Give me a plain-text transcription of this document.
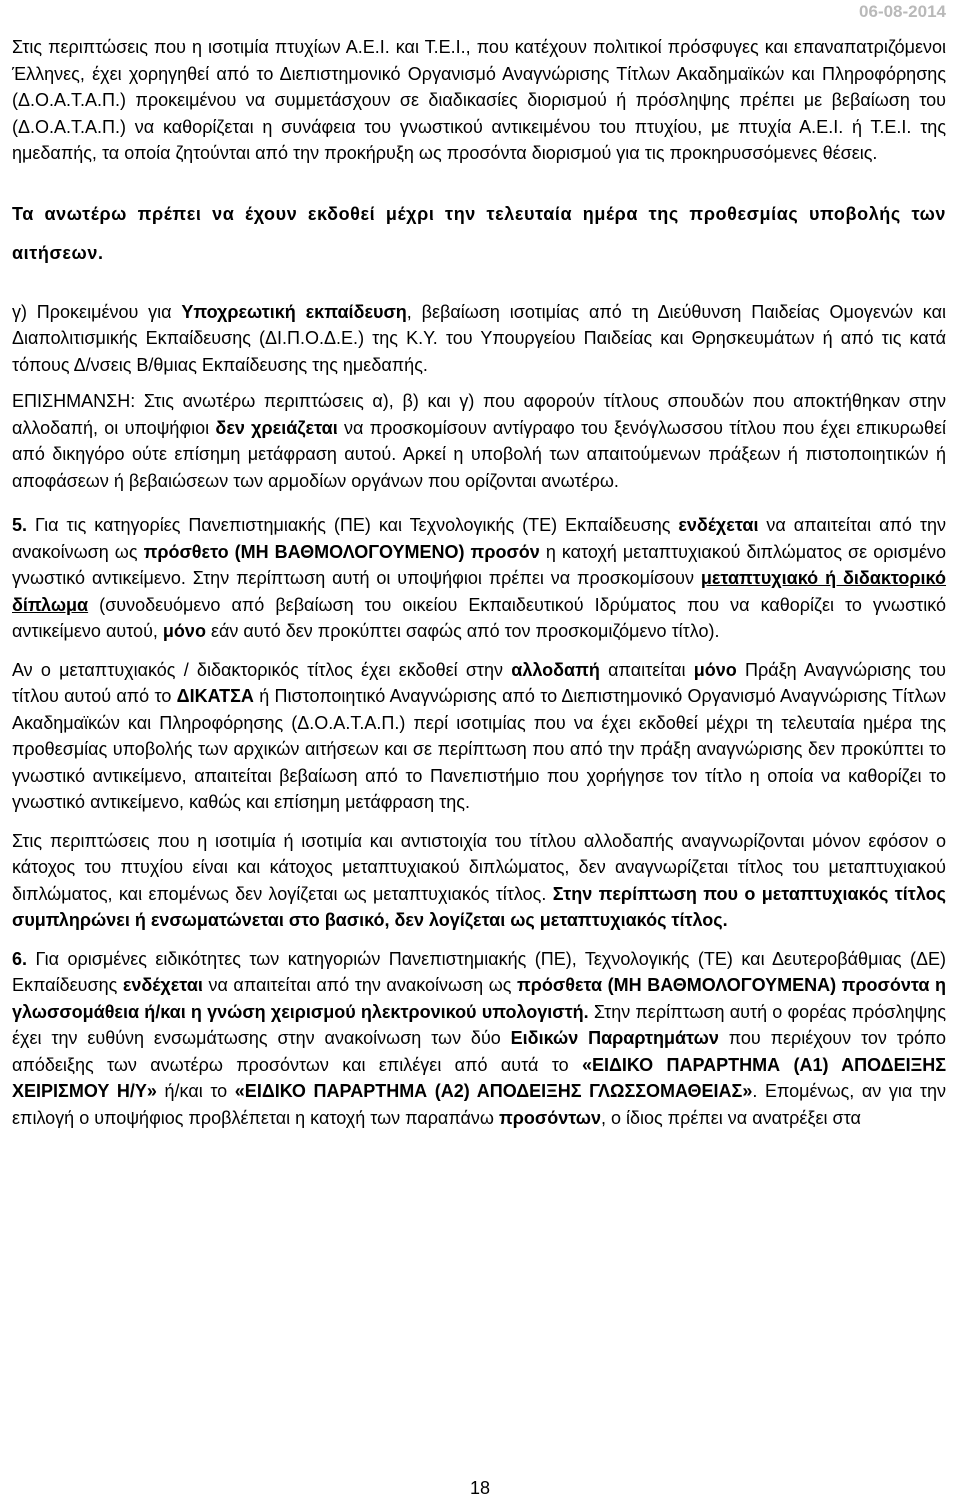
06-08-2014

Στις περιπτώσεις που η ισοτιμία πτυχίων Α.Ε.Ι. και Τ.Ε.Ι., που κατέχουν πολιτικοί πρόσφυγες και επαναπατριζόμενοι Έλληνες, έχει χορηγηθεί από το Διεπιστημονικό Οργανισμό Αναγνώρισης Τίτλων Ακαδημαϊκών και Πληροφόρησης (Δ.Ο.Α.Τ.Α.Π.) προκειμένου να συμμετάσχουν σε διαδικασίες διορισμού ή πρόσληψης πρέπει με βεβαίωση του (Δ.Ο.Α.Τ.Α.Π.) να καθορίζεται η συνάφεια του γνωστικού αντικειμένου του πτυχίου, με πτυχία Α.Ε.Ι. ή Τ.Ε.Ι. της ημεδαπής, τα οποία ζητούνται από την προκήρυξη ως προσόντα διορισμού για τις προκηρυσσόμενες θέσεις.

Τα ανωτέρω πρέπει να έχουν εκδοθεί μέχρι την τελευταία ημέρα της προθεσμίας υποβολής των αιτήσεων.

γ) Προκειμένου για Υποχρεωτική εκπαίδευση, βεβαίωση ισοτιμίας από τη Διεύθυνση Παιδείας Ομογενών και Διαπολιτισμικής Εκπαίδευσης (ΔΙ.Π.Ο.Δ.Ε.) της Κ.Υ. του Υπουργείου Παιδείας και Θρησκευμάτων ή από τις κατά τόπους Δ/νσεις Β/θμιας Εκπαίδευσης της ημεδαπής.

ΕΠΙΣΗΜΑΝΣΗ: Στις ανωτέρω περιπτώσεις α), β) και γ) που αφορούν τίτλους σπουδών που αποκτήθηκαν στην αλλοδαπή, οι υποψήφιοι δεν χρειάζεται να προσκομίσουν αντίγραφο του ξενόγλωσσου τίτλου που έχει επικυρωθεί από δικηγόρο ούτε επίσημη μετάφραση αυτού. Αρκεί η υποβολή των απαιτούμενων πράξεων ή πιστοποιητικών ή αποφάσεων ή βεβαιώσεων των αρμοδίων οργάνων που ορίζονται ανωτέρω.

5. Για τις κατηγορίες Πανεπιστημιακής (ΠΕ) και Τεχνολογικής (ΤΕ) Εκπαίδευσης ενδέχεται να απαιτείται από την ανακοίνωση ως πρόσθετο (ΜΗ ΒΑΘΜΟΛΟΓΟΥΜΕΝΟ) προσόν η κατοχή μεταπτυχιακού διπλώματος σε ορισμένο γνωστικό αντικείμενο. Στην περίπτωση αυτή οι υποψήφιοι πρέπει να προσκομίσουν μεταπτυχιακό ή διδακτορικό δίπλωμα (συνοδευόμενο από βεβαίωση του οικείου Εκπαιδευτικού Ιδρύματος που να καθορίζει το γνωστικό αντικείμενο αυτού, μόνο εάν αυτό δεν προκύπτει σαφώς από τον προσκομιζόμενο τίτλο).

Αν ο μεταπτυχιακός / διδακτορικός τίτλος έχει εκδοθεί στην αλλοδαπή απαιτείται μόνο Πράξη Αναγνώρισης του τίτλου αυτού από το ΔΙΚΑΤΣΑ ή Πιστοποιητικό Αναγνώρισης από το Διεπιστημονικό Οργανισμό Αναγνώρισης Τίτλων Ακαδημαϊκών και Πληροφόρησης (Δ.Ο.Α.Τ.Α.Π.) περί ισοτιμίας που να έχει εκδοθεί μέχρι τη τελευταία ημέρα της προθεσμίας υποβολής των αρχικών αιτήσεων και σε περίπτωση που από την πράξη αναγνώρισης δεν προκύπτει το γνωστικό αντικείμενο, απαιτείται βεβαίωση από το Πανεπιστήμιο που χορήγησε τον τίτλο η οποία να καθορίζει το γνωστικό αντικείμενο, καθώς και επίσημη μετάφραση της.

Στις περιπτώσεις που η ισοτιμία ή ισοτιμία και αντιστοιχία του τίτλου αλλοδαπής αναγνωρίζονται μόνον εφόσον ο κάτοχος του πτυχίου είναι και κάτοχος μεταπτυχιακού διπλώματος, δεν αναγνωρίζεται τίτλος του μεταπτυχιακού διπλώματος, και επομένως δεν λογίζεται ως μεταπτυχιακός τίτλος. Στην περίπτωση που ο μεταπτυχιακός τίτλος συμπληρώνει ή ενσωματώνεται στο βασικό, δεν λογίζεται ως μεταπτυχιακός τίτλος.

6. Για ορισμένες ειδικότητες των κατηγοριών Πανεπιστημιακής (ΠΕ), Τεχνολογικής (ΤΕ) και Δευτεροβάθμιας (ΔΕ) Εκπαίδευσης ενδέχεται να απαιτείται από την ανακοίνωση ως πρόσθετα (ΜΗ ΒΑΘΜΟΛΟΓΟΥΜΕΝΑ) προσόντα η γλωσσομάθεια ή/και η γνώση χειρισμού ηλεκτρονικού υπολογιστή. Στην περίπτωση αυτή ο φορέας πρόσληψης έχει την ευθύνη ενσωμάτωσης στην ανακοίνωση των δύο Ειδικών Παραρτημάτων που περιέχουν τον τρόπο απόδειξης των ανωτέρω προσόντων και επιλέγει από αυτά το «ΕΙΔΙΚΟ ΠΑΡΑΡΤΗΜΑ (Α1) ΑΠΟΔΕΙΞΗΣ ΧΕΙΡΙΣΜΟΥ Η/Υ» ή/και το «ΕΙΔΙΚΟ ΠΑΡΑΡΤΗΜΑ (Α2) ΑΠΟΔΕΙΞΗΣ ΓΛΩΣΣΟΜΑΘΕΙΑΣ». Επομένως, αν για την επιλογή ο υποψήφιος προβλέπεται η κατοχή των παραπάνω προσόντων, ο ίδιος πρέπει να ανατρέξει στα

18
